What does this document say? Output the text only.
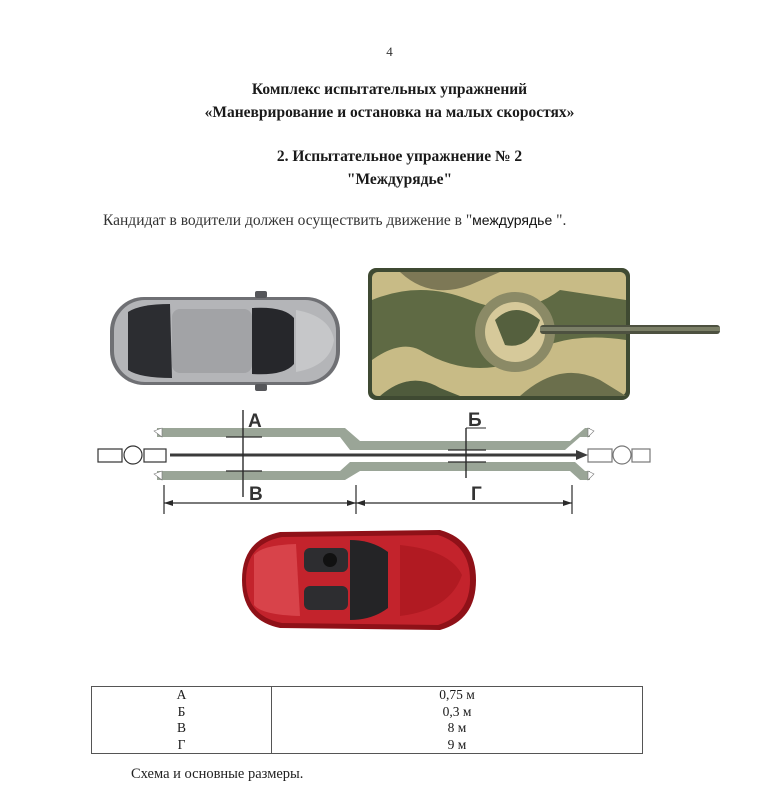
4
Комплекс испытательных упражнений
«Маневрирование и остановка на малых скоростях»
2. Испытательное упражнение № 2
"Междурядье"
Кандидат в водители должен осуществить движение в "междурядье ".
А	Б
В	Г
А	0,75 м
Б	0,3 м
В	8 м
Г	9 м
Схема и основные размеры.
